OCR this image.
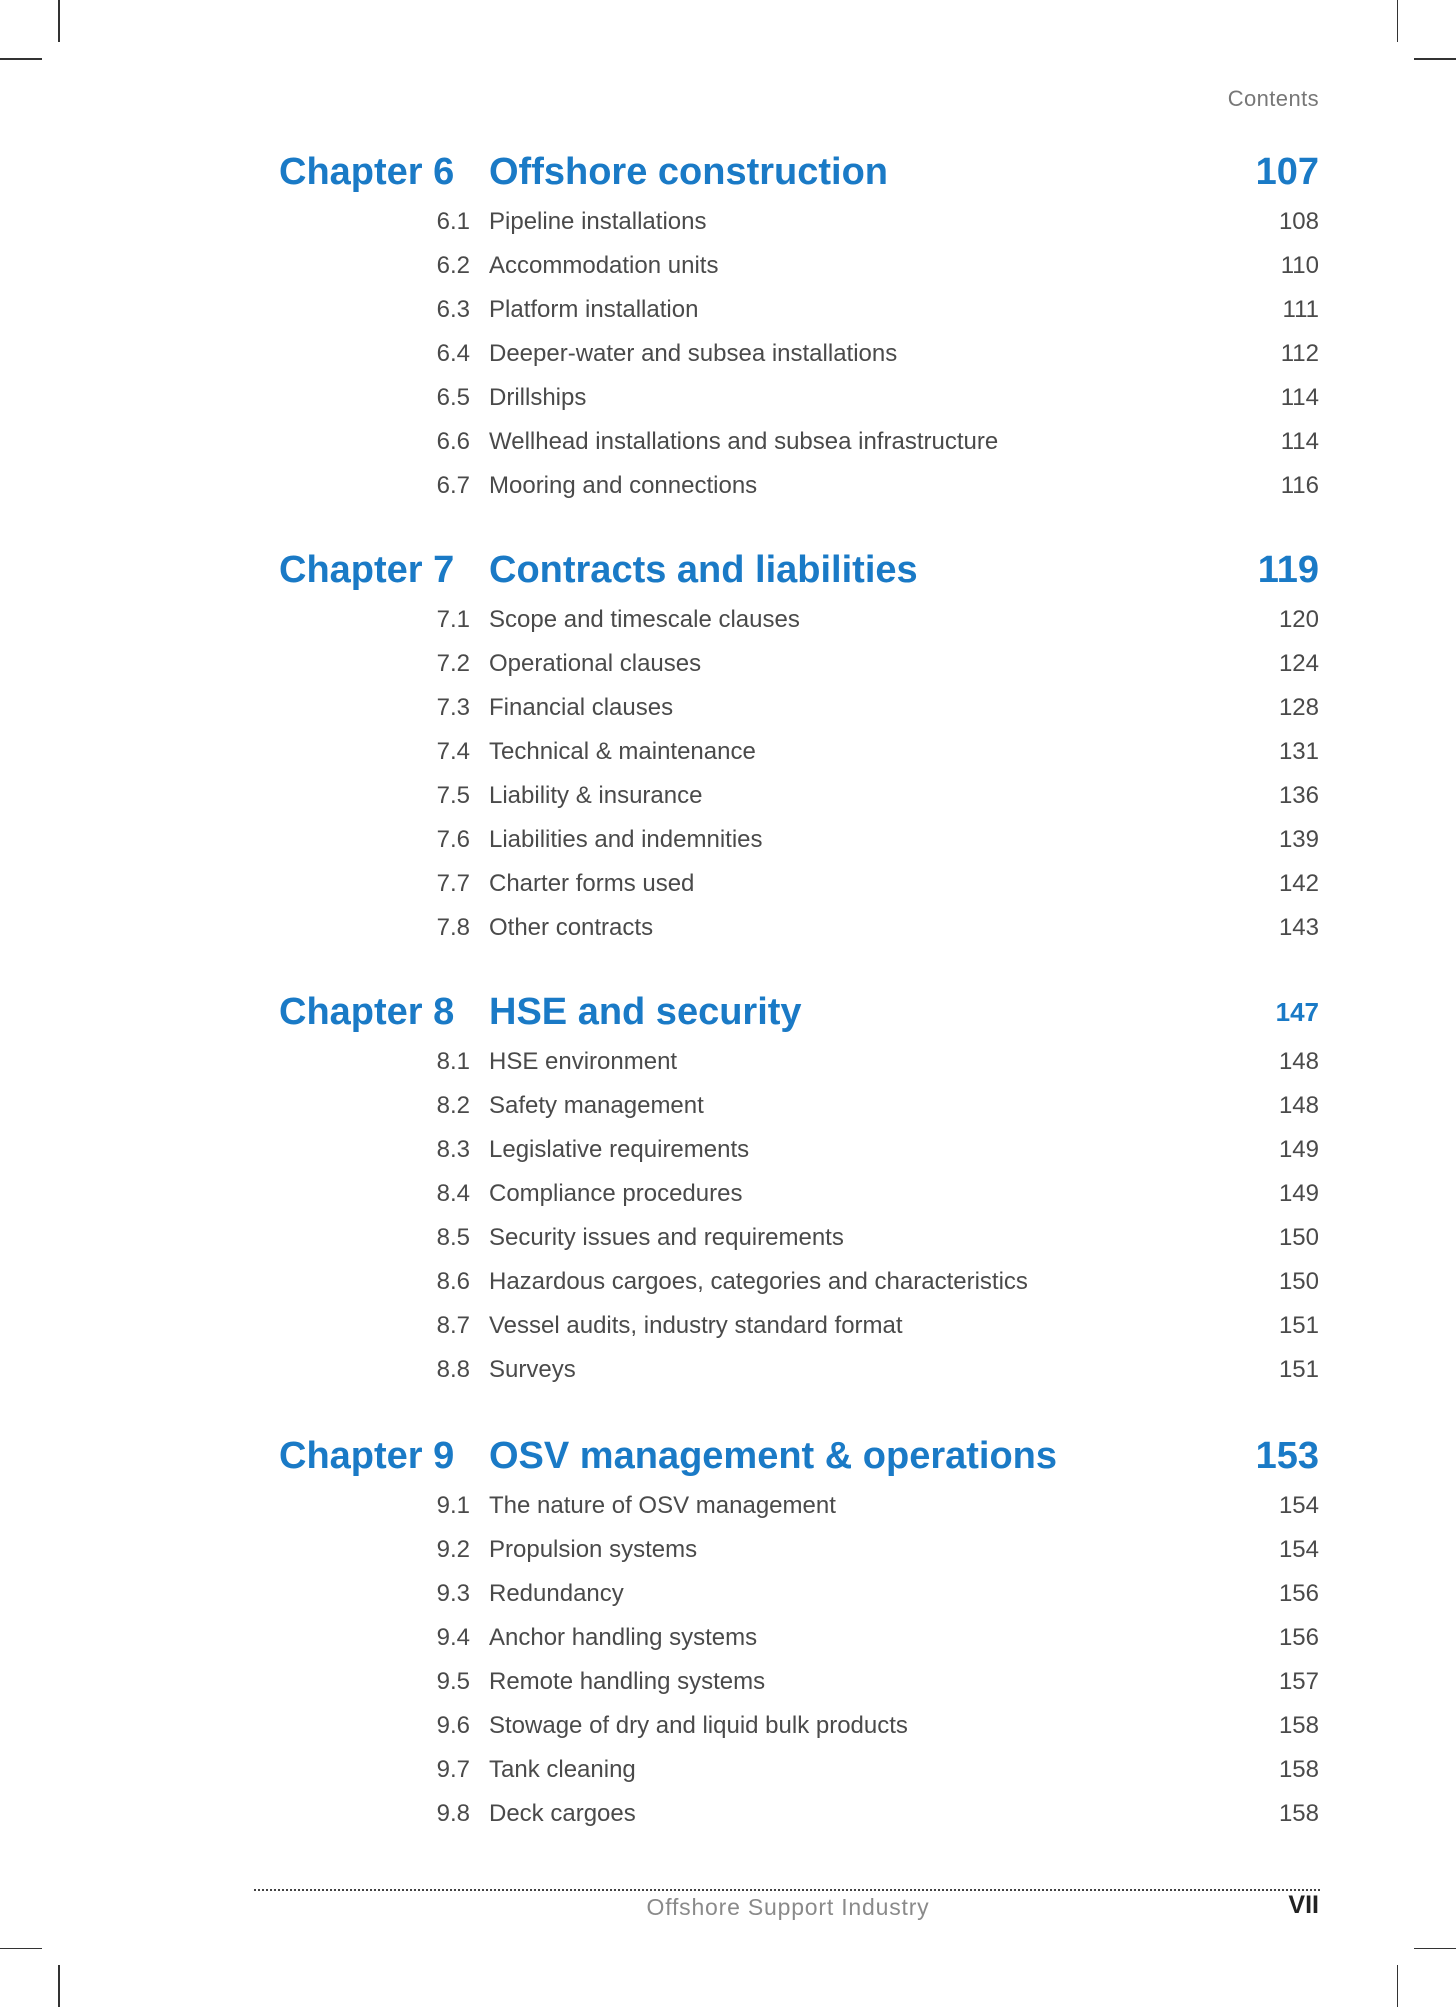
Contents
Chapter 6 Offshore construction	107
6.1 Pipeline installations	108
6.2 Accommodation units	110
6.3 Platform installation	111
6.4 Deeper-water and subsea installations	112
6.5 Drillships	114
6.6 Wellhead installations and subsea infrastructure	114
6.7 Mooring and connections	116
Chapter 7 Contracts and liabilities	119
7.1 Scope and timescale clauses	120
7.2 Operational clauses	124
7.3 Financial clauses	128
7.4 Technical & maintenance	131
7.5 Liability & insurance	136
7.6 Liabilities and indemnities	139
7.7 Charter forms used	142
7.8 Other contracts	143
Chapter 8 HSE and security	147
8.1 HSE environment	148
8.2 Safety management	148
8.3 Legislative requirements	149
8.4 Compliance procedures	149
8.5 Security issues and requirements	150
8.6 Hazardous cargoes, categories and characteristics	150
8.7 Vessel audits, industry standard format	151
8.8 Surveys	151
Chapter 9 OSV management & operations	153
9.1 The nature of OSV management	154
9.2 Propulsion systems	154
9.3 Redundancy	156
9.4 Anchor handling systems	156
9.5 Remote handling systems	157
9.6 Stowage of dry and liquid bulk products	158
9.7 Tank cleaning	158
9.8 Deck cargoes	158
Offshore Support Industry	VII
